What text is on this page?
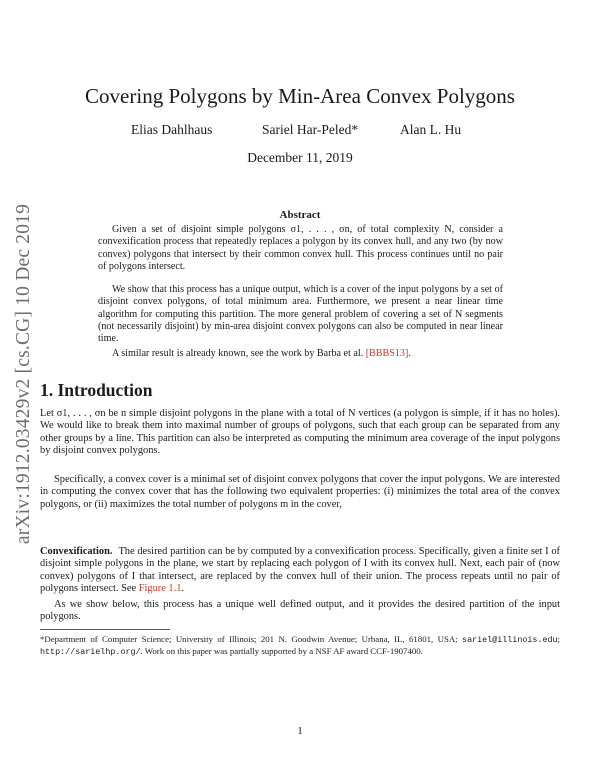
arXiv:1912.03429v2 [cs.CG] 10 Dec 2019
Covering Polygons by Min-Area Convex Polygons
Elias Dahlhaus	Sariel Har-Peled*	Alan L. Hu
December 11, 2019
Abstract

Given a set of disjoint simple polygons σ1, . . . , σn, of total complexity N, consider a convexification process that repeatedly replaces a polygon by its convex hull, and any two (by now convex) polygons that intersect by their common convex hull. This process continues until no pair of polygons intersect.

We show that this process has a unique output, which is a cover of the input polygons by a set of disjoint convex polygons, of total minimum area. Furthermore, we present a near linear time algorithm for computing this partition. The more general problem of covering a set of N segments (not necessarily disjoint) by min-area disjoint convex polygons can also be computed in near linear time.

A similar result is already known, see the work by Barba et al. [BBBS13].

1. Introduction

Let σ1, . . . , σn be n simple disjoint polygons in the plane with a total of N vertices (a polygon is simple, if it has no holes). We would like to break them into maximal number of groups of polygons, such that each group can be separated from any other groups by a line. This partition can also be interpreted as computing the minimum area coverage of the input polygons by disjoint convex polygons.

Specifically, a convex cover is a minimal set of disjoint convex polygons that cover the input polygons. We are interested in computing the convex cover that has the following two equivalent properties: (i) minimizes the total area of the convex polygons, or (ii) maximizes the total number of polygons m in the cover,

Convexification. The desired partition can be by computed by a convexification process. Specifically, given a finite set I of disjoint simple polygons in the plane, we start by replacing each polygon of I with its convex hull. Next, each pair of (now convex) polygons of I that intersect, are replaced by the convex hull of their union. The process repeats until no pair of polygons intersect. See Figure 1.1.

As we show below, this process has a unique well defined output, and it provides the desired partition of the input polygons.

*Department of Computer Science; University of Illinois; 201 N. Goodwin Avenue; Urbana, IL, 61801, USA; sariel@illinois.edu; http://sarielhp.org/. Work on this paper was partially supported by a NSF AF award CCF-1907400.
1
